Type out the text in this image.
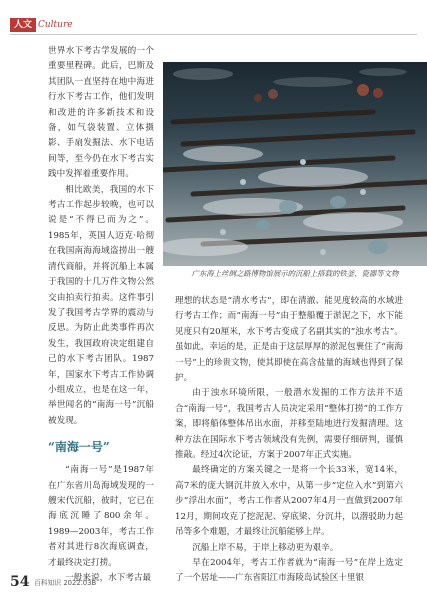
人文 Culture

世界水下考古学发展的一个重要里程碑。此后，巴斯及其团队一直坚持在地中海进行水下考古工作，他们发明和改进的许多新技术和设备，如气袋装置、立体摄影、手扇发掘法、水下电话间等，至今仍在水下考古实践中发挥着重要作用。

相比欧美，我国的水下考古工作起步较晚，也可以说是“不得已而为之”。1985年，英国人迈克·哈彻在我国南海海域盗捞出一艘清代商船，并将沉船上本属于我国的十几万件文物公然交由拍卖行拍卖。这件事引发了我国考古学界的震动与反思。为防止此类事件再次发生，我国政府决定组建自己的水下考古团队。1987年，国家水下考古工作协调小组成立，也是在这一年，举世闻名的“南海一号”沉船被发现。

“南海一号”

“南海一号”是1987年在广东省川岛海域发现的一艘宋代沉船，彼时，它已在海底沉睡了800余年。1989—2003年，考古工作者对其进行8次海底调查，才最终决定打捞。

一般来说，水下考古最

广东海上丝绸之路博物馆展示的沉船上搭载的铁釜、瓷器等文物

理想的状态是“清水考古”，即在清澈、能见度较高的水域进行考古工作；而“南海一号”由于整船覆于淤泥之下，水下能见度只有20厘米，水下考古变成了名副其实的“浊水考古”。虽如此，幸运的是，正是由于这层厚厚的淤泥包裹住了“南海一号”上的珍贵文物，使其即使在高含盐量的海域也得到了保护。

由于浊水环境所限，一般潜水发掘的工作方法并不适合“南海一号”，我国考古人员决定采用“整体打捞”的工作方案，即将船体整体吊出水面，并移至陆地进行发掘清理。这种方法在国际水下考古领域没有先例，需要仔细研判，谨慎推敲。经过4次论证，方案于2007年正式实施。

最终确定的方案关键之一是将一个长33米，宽14米，高7米的庞大钢沉井放入水中，从第一步“定位入水”到第六步“浮出水面”，考古工作者从2007年4月一直做到2007年12月，期间攻克了挖泥泥、穿底梁、分沉井，以潜驳助力起吊等多个难题，才最终让沉船能够上岸。

沉船上岸不易，于岸上移动更为艰辛。

早在2004年，考古工作者就为“南海一号”在岸上选定了一个居址——广东省阳江市海陵岛试验区十里银

54 百科知识 2022.03B
